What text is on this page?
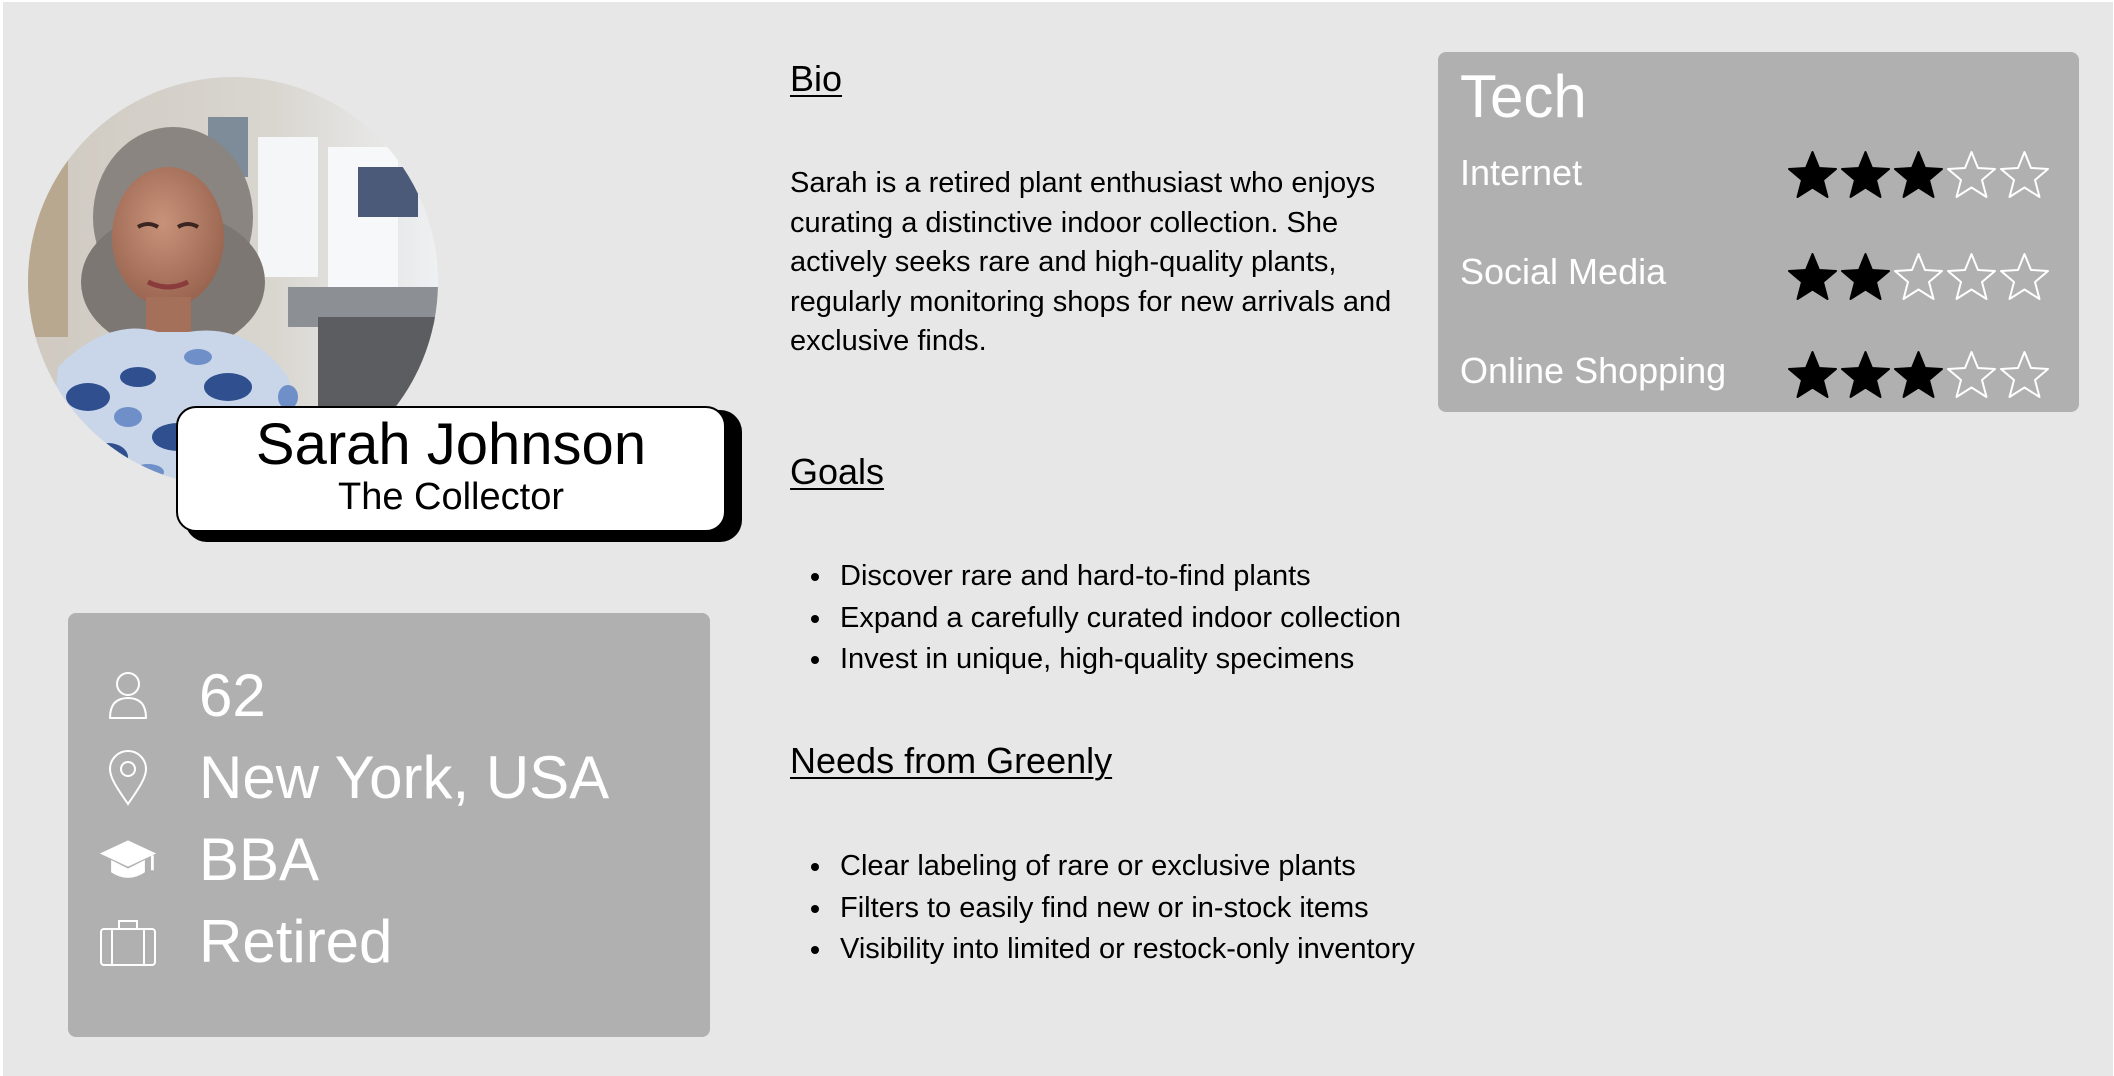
Sarah Johnson
The Collector
62
New York, USA
BBA
Retired
Bio
Sarah is a retired plant enthusiast who enjoys curating a distinctive indoor collection. She actively seeks rare and high-quality plants, regularly monitoring shops for new arrivals and exclusive finds.
Goals
Discover rare and hard-to-find plants
Expand a carefully curated indoor collection
Invest in unique, high-quality specimens
Needs from Greenly
Clear labeling of rare or exclusive plants
Filters to easily find new or in-stock items
Visibility into limited or restock-only inventory
Tech
Internet
Social Media
Online Shopping
